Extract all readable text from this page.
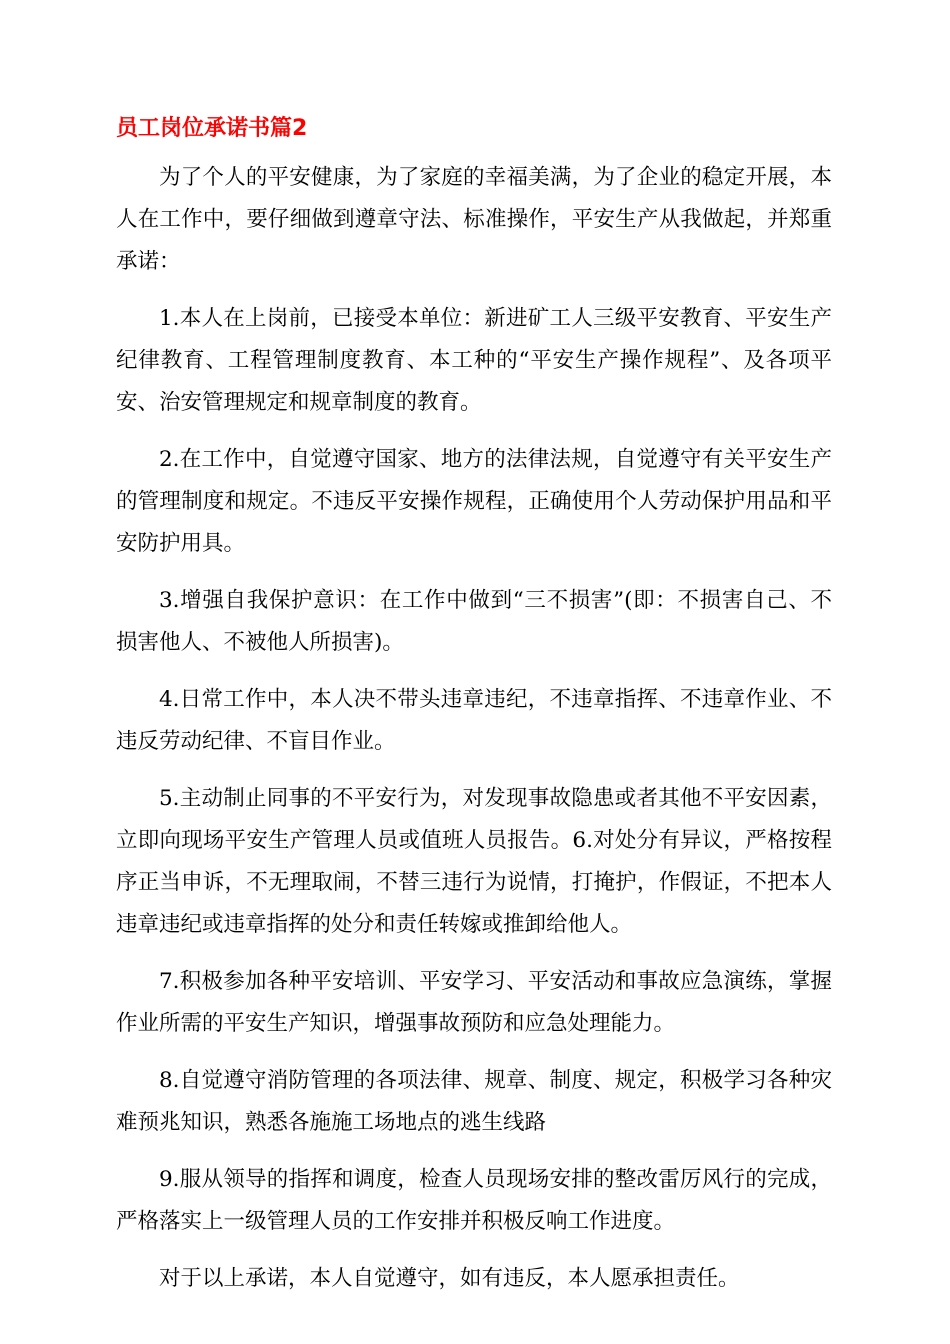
员工岗位承诺书篇2
为了个人的平安健康，为了家庭的幸福美满，为了企业的稳定开展，本人在工作中，要仔细做到遵章守法、标准操作，平安生产从我做起，并郑重承诺：
1.本人在上岗前，已接受本单位：新进矿工人三级平安教育、平安生产纪律教育、工程管理制度教育、本工种的“平安生产操作规程”、及各项平安、治安管理规定和规章制度的教育。
2.在工作中，自觉遵守国家、地方的法律法规，自觉遵守有关平安生产的管理制度和规定。不违反平安操作规程，正确使用个人劳动保护用品和平安防护用具。
3.增强自我保护意识：在工作中做到“三不损害”(即：不损害自己、不损害他人、不被他人所损害)。
4.日常工作中，本人决不带头违章违纪，不违章指挥、不违章作业、不违反劳动纪律、不盲目作业。
5.主动制止同事的不平安行为，对发现事故隐患或者其他不平安因素，立即向现场平安生产管理人员或值班人员报告。6.对处分有异议，严格按程序正当申诉，不无理取闹，不替三违行为说情，打掩护，作假证，不把本人违章违纪或违章指挥的处分和责任转嫁或推卸给他人。
7.积极参加各种平安培训、平安学习、平安活动和事故应急演练，掌握作业所需的平安生产知识，增强事故预防和应急处理能力。
8.自觉遵守消防管理的各项法律、规章、制度、规定，积极学习各种灾难预兆知识，熟悉各施施工场地点的逃生线路
9.服从领导的指挥和调度，检查人员现场安排的整改雷厉风行的完成，严格落实上一级管理人员的工作安排并积极反响工作进度。
对于以上承诺，本人自觉遵守，如有违反，本人愿承担责任。
